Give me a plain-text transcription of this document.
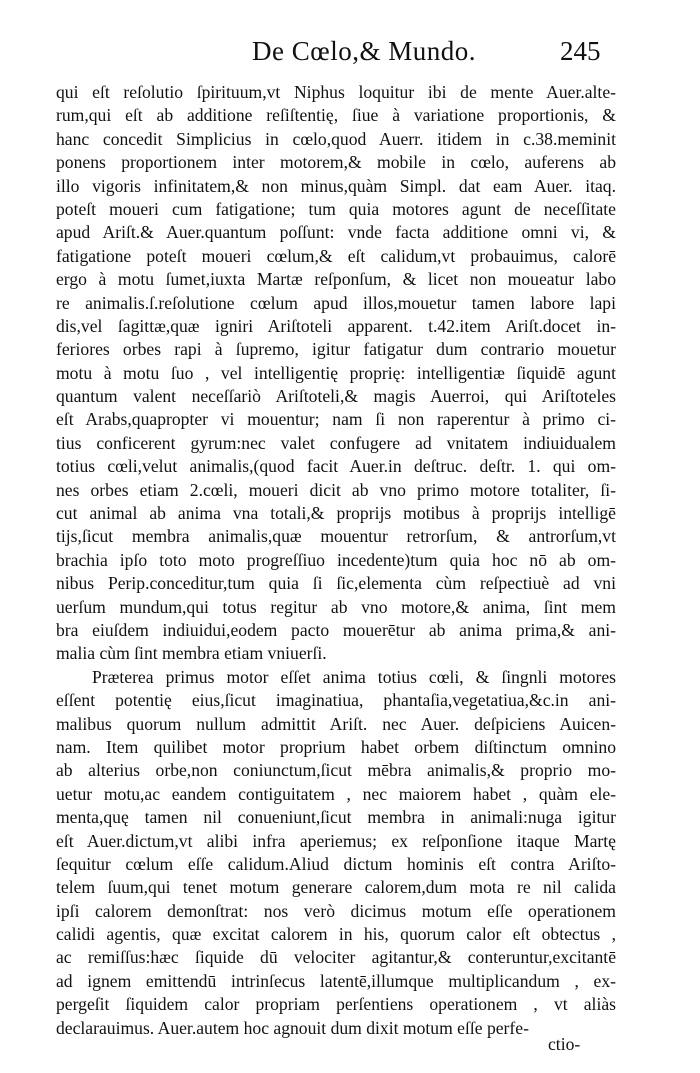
De Cœlo,& Mundo.	245
qui eſt reſolutio ſpirituum,vt Niphus loquitur ibi de mente Auer.alte-
rum,qui eſt ab additione reſiſtentię, ſiue à variatione proportionis, &
hanc concedit Simplicius in cœlo,quod Auerr. itidem in c.38.meminit
ponens proportionem inter motorem,& mobile in cœlo, auferens ab
illo vigoris infinitatem,& non minus,quàm Simpl. dat eam Auer. itaq.
poteſt moueri cum fatigatione; tum quia motores agunt de neceſſitate
apud Ariſt.& Auer.quantum poſſunt: vnde facta additione omni vi, &
fatigatione poteſt moueri cœlum,& eſt calidum,vt probauimus, calorē
ergo à motu ſumet,iuxta Martæ reſponſum, & licet non moueatur labo
re animalis.ſ.reſolutione cœlum apud illos,mouetur tamen labore lapi
dis,vel ſagittæ,quæ igniri Ariſtoteli apparent. t.42.item Ariſt.docet in-
feriores orbes rapi à ſupremo, igitur fatigatur dum contrario mouetur
motu à motu ſuo , vel intelligentię proprię: intelligentiæ ſiquidē agunt
quantum valent neceſſariò Ariſtoteli,& magis Auerroi, qui Ariſtoteles
eſt Arabs,quapropter vi mouentur; nam ſi non raperentur à primo ci-
tius conficerent gyrum:nec valet confugere ad vnitatem indiuidualem
totius cœli,velut animalis,(quod facit Auer.in deſtruc. deſtr. 1. qui om-
nes orbes etiam 2.cœli, moueri dicit ab vno primo motore totaliter, ſi-
cut animal ab anima vna totali,& proprijs motibus à proprijs intelligē
tijs,ſicut membra animalis,quæ mouentur retrorſum, & antrorſum,vt
brachia ipſo toto moto progreſſiuo incedente)tum quia hoc nō ab om-
nibus Perip.conceditur,tum quia ſi ſic,elementa cùm reſpectiuè ad vni
uerſum mundum,qui totus regitur ab vno motore,& anima, ſint mem
bra eiuſdem indiuidui,eodem pacto mouerētur ab anima prima,& ani-
malia cùm ſint membra etiam vniuerſi.
Præterea primus motor eſſet anima totius cœli, & ſingnli motores
eſſent potentię eius,ſicut imaginatiua, phantaſia,vegetatiua,&c.in ani-
malibus quorum nullum admittit Ariſt. nec Auer. deſpiciens Auicen-
nam. Item quilibet motor proprium habet orbem diſtinctum omnino
ab alterius orbe,non coniunctum,ſicut mēbra animalis,& proprio mo-
uetur motu,ac eandem contiguitatem , nec maiorem habet , quàm ele-
menta,quę tamen nil conueniunt,ſicut membra in animali:nuga igitur
eſt Auer.dictum,vt alibi infra aperiemus; ex reſponſione itaque Martę
ſequitur cœlum eſſe calidum.Aliud dictum hominis eſt contra Ariſto-
telem ſuum,qui tenet motum generare calorem,dum mota re nil calida
ipſi calorem demonſtrat: nos verò dicimus motum eſſe operationem
calidi agentis, quæ excitat calorem in his, quorum calor eſt obtectus ,
ac remiſſus:hæc ſiquide dū velociter agitantur,& conteruntur,excitantē
ad ignem emittendū intrinſecus latentē,illumque multiplicandum , ex-
pergeſit ſiquidem calor propriam perſentiens operationem , vt aliàs
declarauimus. Auer.autem hoc agnouit dum dixit motum eſſe perfe-
ctio-
